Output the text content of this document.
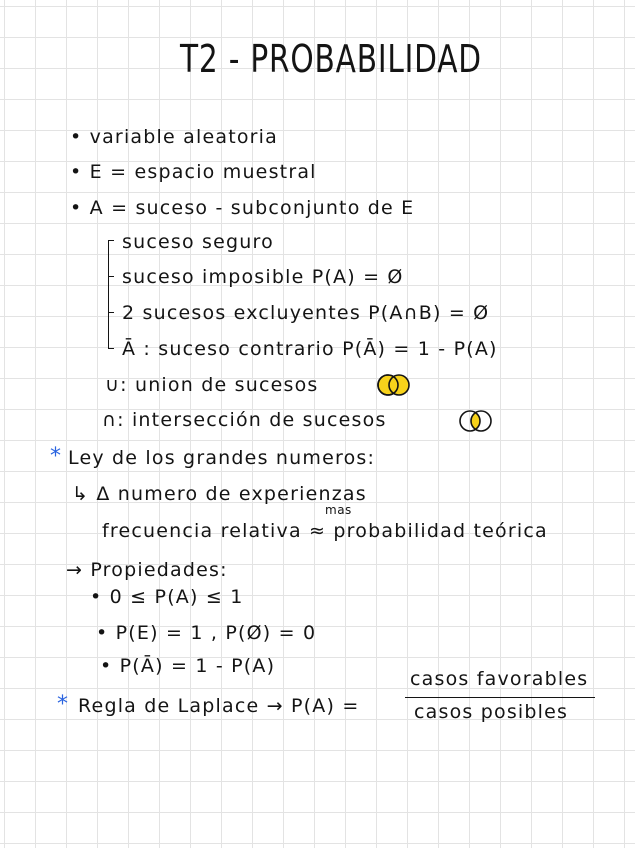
T2 - PROBABILIDAD
• variable aleatoria
• E = espacio muestral
• A = suceso - subconjunto de E
suceso seguro
suceso imposible P(A) = Ø
2 sucesos excluyentes P(A∩B) = Ø
Ā : suceso contrario P(Ā) = 1 - P(A)
∪: union de sucesos
∩: intersección de sucesos
* Ley de los grandes numeros:
↳ Δ numero de experienzas
mas
frecuencia relativa ≈ probabilidad teórica
→ Propiedades:
• 0 ≤ P(A) ≤ 1
• P(E) = 1 , P(Ø) = 0
• P(Ā) = 1 - P(A)
* Regla de Laplace → P(A) =
casos favorables
casos posibles
